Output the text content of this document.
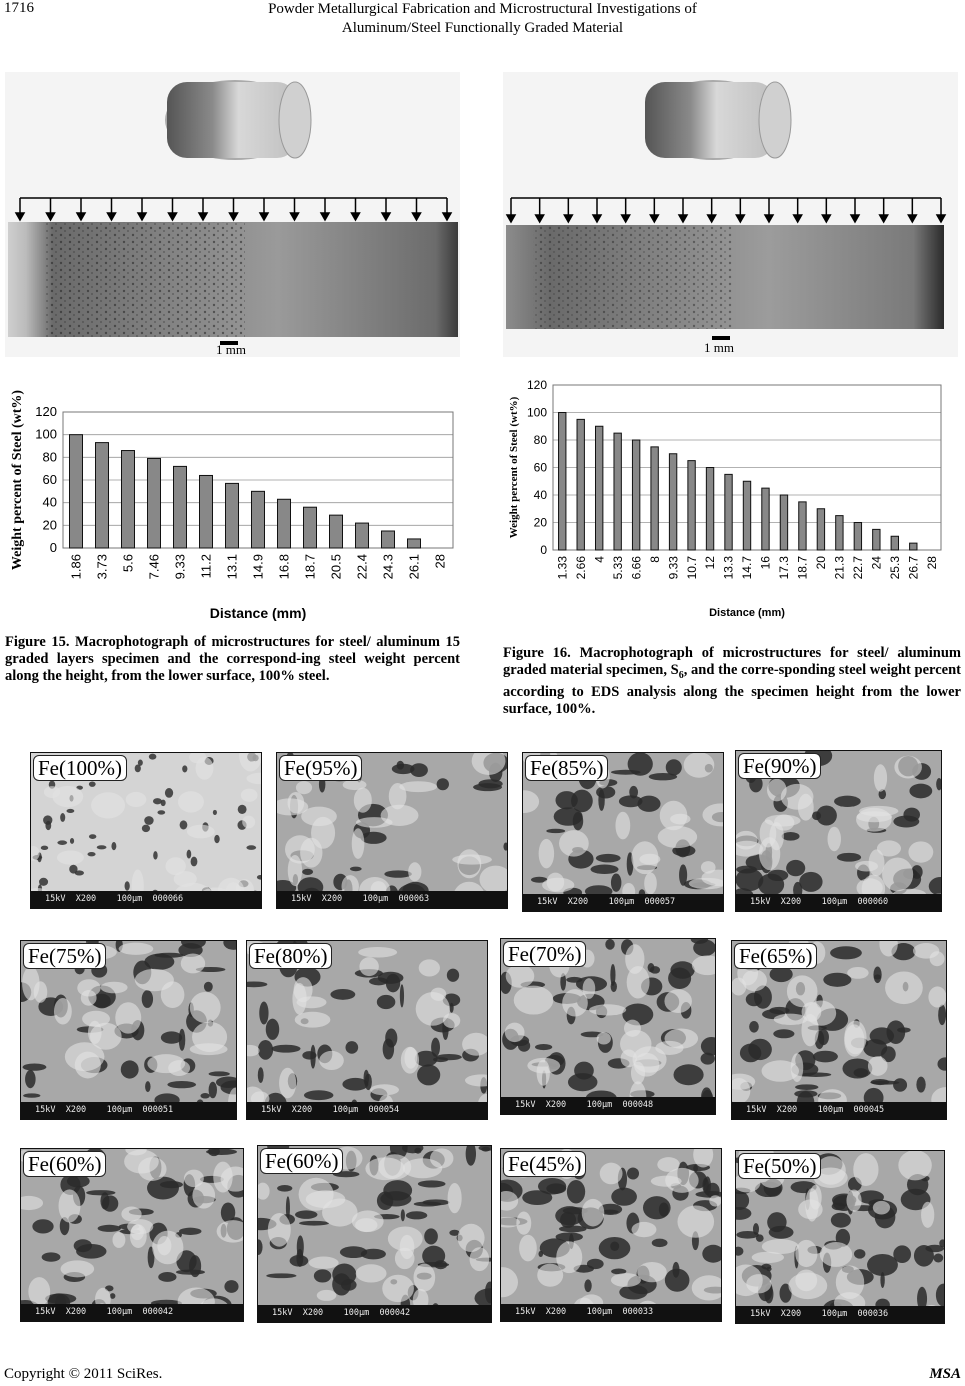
1716	Powder Metallurgical Fabrication and Microstructural Investigations of
Aluminum/Steel Functionally Graded Material
1 mm	1 mm
0
20
40
60
80
100
120
1.86 3.73 5.6 7.46 9.33 11.2 13.1 14.9 16.8 18.7 20.5 22.4 24.3 26.1 28
Distance (mm)
Weight percent of Steel (wt%)	0
20
40
60
80
100
120
1.33 2.66 4 5.33 6.66 8 9.33 10.7 12 13.3 14.7 16 17.3 18.7 20 21.3 22.7 24 25.3 26.7 28
Distance (mm)
Weight percent of Steel (wt%)
Figure 15. Macrophotograph of microstructures for steel/ aluminum 15 graded layers specimen and the correspond-ing steel weight percent along the height, from the lower surface, 100% steel.
Figure 16. Macrophotograph of microstructures for steel/ aluminum graded material specimen, $S_6$, and the corre-sponding steel weight percent according to EDS analysis along the specimen height from the lower surface, 100%.
Fe(100%)
15kV  X200    100µm  000066
Fe(95%)
15kV  X200    100µm  000063
Fe(85%)
15kV  X200    100µm  000057
Fe(90%)
15kV  X200    100µm  000060
Fe(75%)
15kV  X200    100µm  000051
Fe(80%)
15kV  X200    100µm  000054
Fe(70%)
15kV  X200    100µm  000048
Fe(65%)
15kV  X200    100µm  000045
Fe(60%)
15kV  X200    100µm  000042
Fe(60%)
15kV  X200    100µm  000042
Fe(45%)
15kV  X200    100µm  000033
Fe(50%)
15kV  X200    100µm  000036
Copyright © 2011 SciRes.	MSA
